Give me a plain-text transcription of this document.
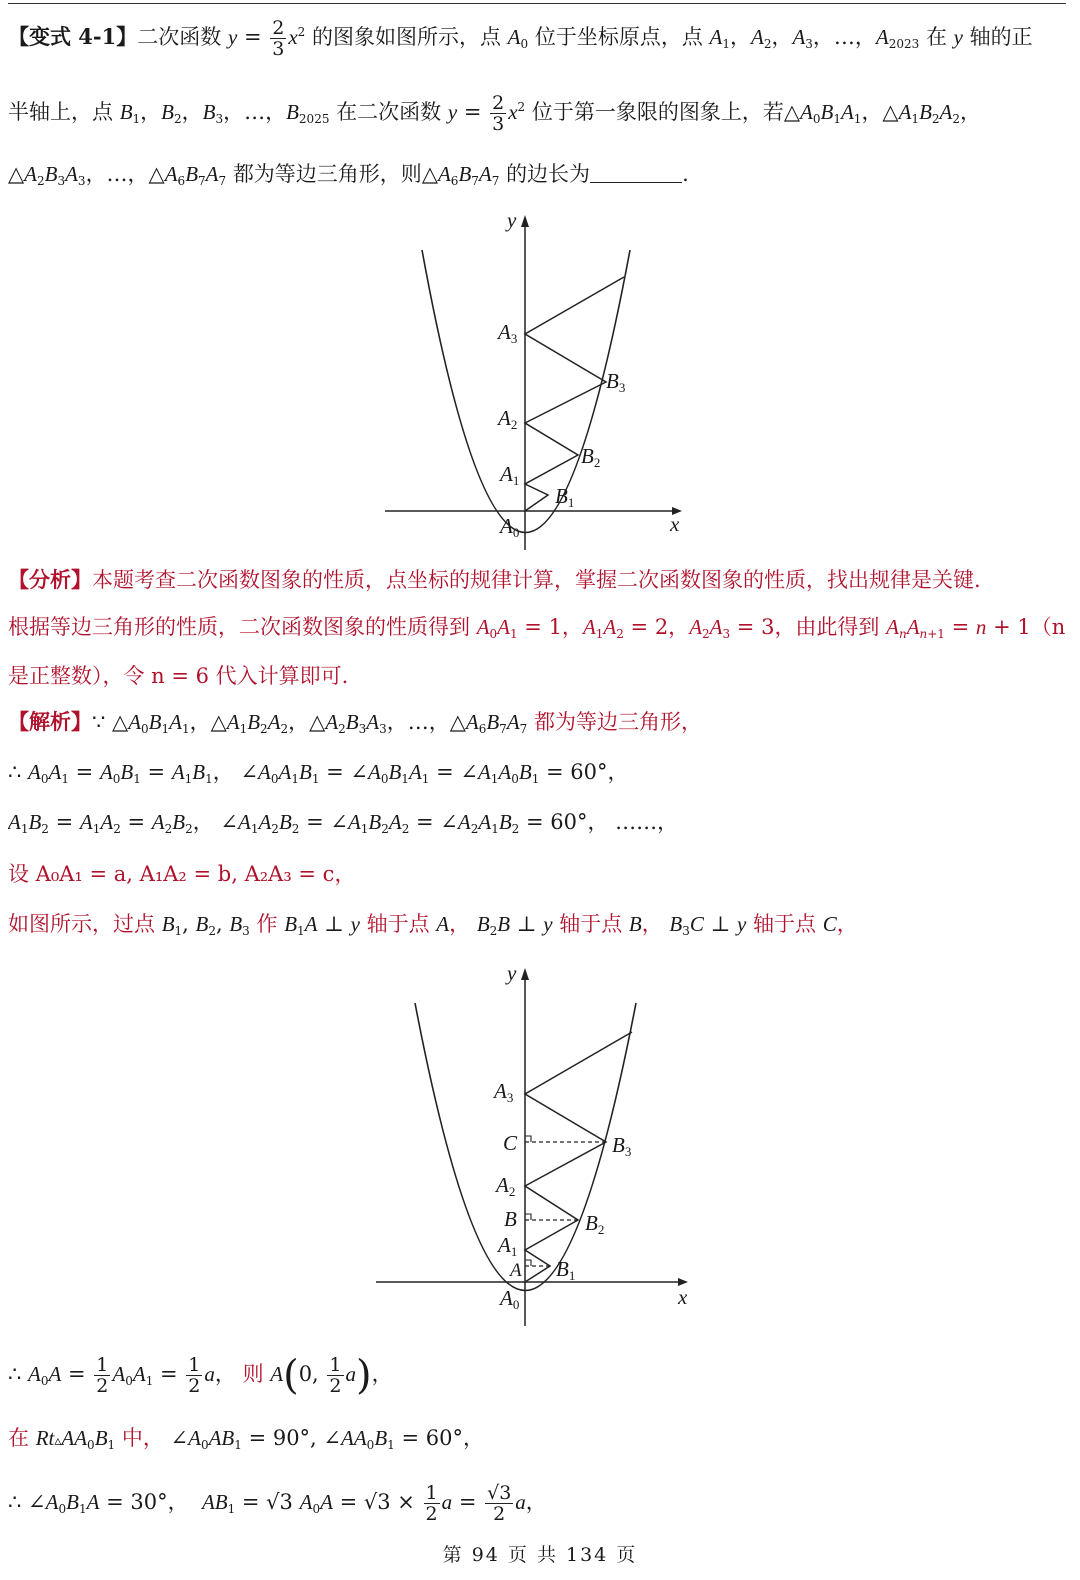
【变式 4-1】二次函数 $y = \frac{2}{3} x^2$ 的图象如图所示，点 $A_0$ 位于坐标原点，点 $A_1$，$A_2$，$A_3$，…，$A_{2023}$ 在 y 轴的正
半轴上，点 $B_1$，$B_2$，$B_3$，…，$B_{2025}$ 在二次函数 $y = \frac{2}{3} x^2$ 位于第一象限的图象上，若$\triangle A_0B_1A_1$，$\triangle A_1B_2A_2$，
$\triangle A_2B_3A_3$，…，$\triangle A_6B_7A_7$ 都为等边三角形，则$\triangle A_6B_7A_7$ 的边长为	.
y
x
A0
A1
A2
A3
B1
B2
B3
【分析】本题考查二次函数图象的性质，点坐标的规律计算，掌握二次函数图象的性质，找出规律是关键.
根据等边三角形的性质，二次函数图象的性质得到 $A_0A_1 = 1$，$A_1A_2 = 2$，$A_2A_3 = 3$，由此得到 $A_nA_{n+1} = n + 1(n$
是正整数），令 n = 6 代入计算即可.
【解析】∵ $\triangle A_0B_1A_1$，$\triangle A_1B_2A_2$，$\triangle A_2B_3A_3$，…，$\triangle A_6B_7A_7$ 都为等边三角形，
∴ $A_0A_1 = A_0B_1 = A_1B_1$， $\angle A_0A_1B_1$ = $\angle A_0B_1A_1$ = $\angle A_1A_0B_1 = 60^\circ$，
$A_1B_2 = A_1A_2 = A_2B_2$， $\angle A_1A_2B_2$ = $\angle A_1B_2A_2$ = $\angle A_2A_1B_2 = 60^\circ$， ……，
设 A₀A₁ = a, A₁A₂ = b, A₂A₃ = c，
如图所示，过点 $B_1$, $B_2$, $B_3$ 作 $B_1A$ ⊥ y 轴于点 A， $B_2B$ ⊥ y 轴于点 B， $B_3C$ ⊥ y 轴于点 C，
y
x
A0
A
A1
B
A2
C
A3
B1
B2
B3
∴ $A_0A = \frac{1}{2} A_0A_1 = \frac{1}{2}$ a， 则 A(0, $\frac{1}{2} a$)，
在 $Rt▵AA_0B_1$ 中， $\angle A_0AB_1 = 90^\circ$, $\angle AA_0B_1 = 60^\circ$，
∴ $\angle A_0B_1A = 30^\circ$，  $AB_1 = √3$ $A_0A = √3 \times \frac{1}{2}$ $a = \frac{√3}{2}$ a，
第 94 页 共 134 页
